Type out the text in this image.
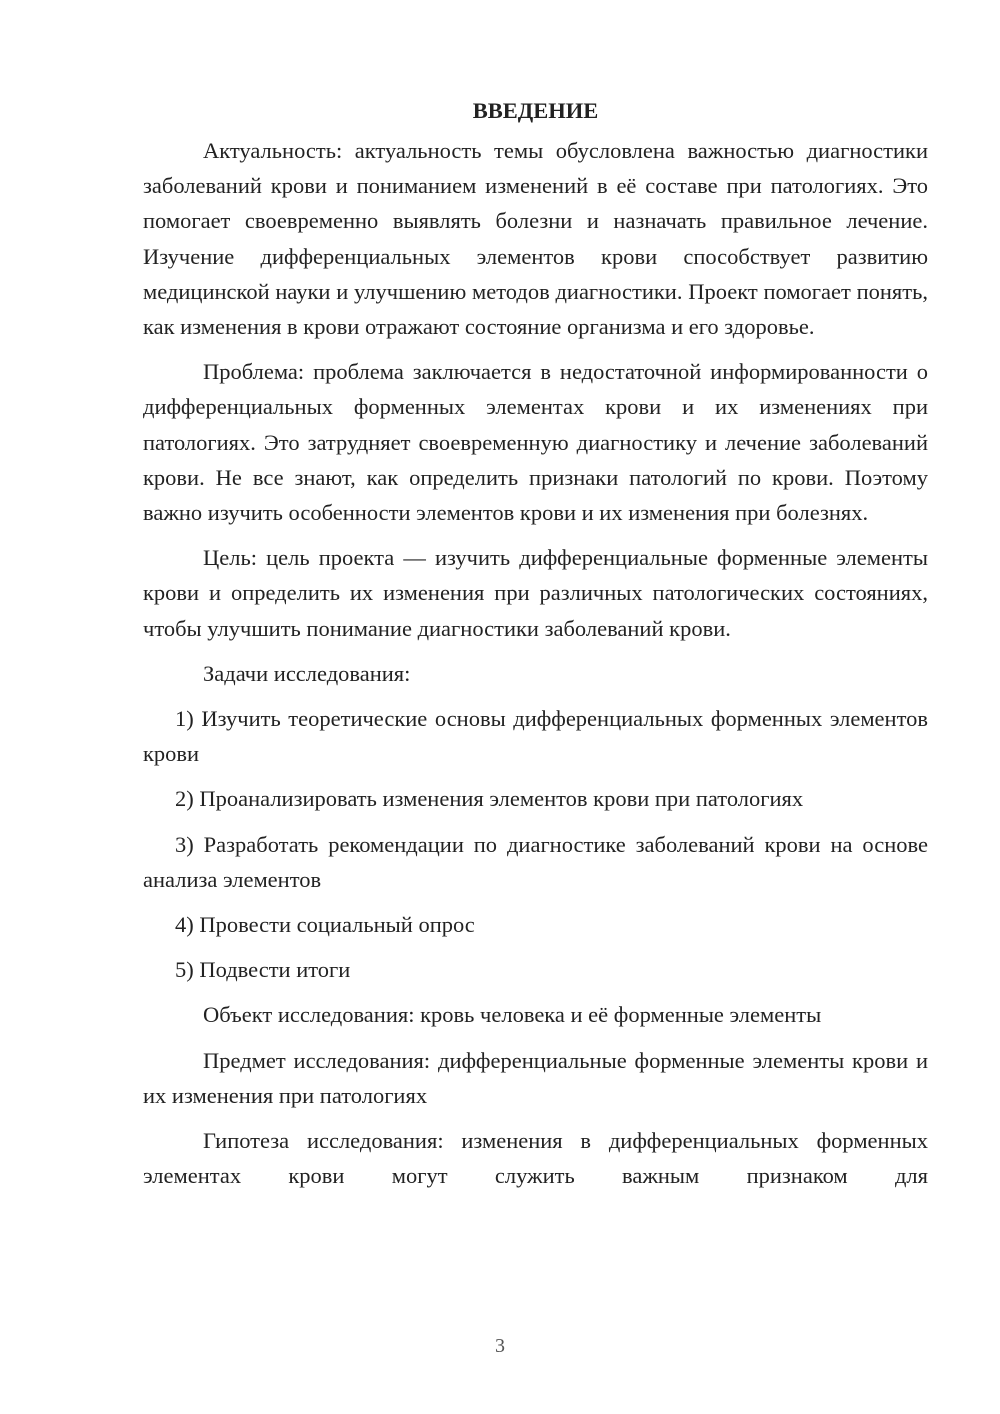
ВВЕДЕНИЕ

Актуальность: актуальность темы обусловлена важностью диагностики заболеваний крови и пониманием изменений в её составе при патологиях. Это помогает своевременно выявлять болезни и назначать правильное лечение. Изучение дифференциальных элементов крови способствует развитию медицинской науки и улучшению методов диагностики. Проект помогает понять, как изменения в крови отражают состояние организма и его здоровье.

Проблема: проблема заключается в недостаточной информированности о дифференциальных форменных элементах крови и их изменениях при патологиях. Это затрудняет своевременную диагностику и лечение заболеваний крови. Не все знают, как определить признаки патологий по крови. Поэтому важно изучить особенности элементов крови и их изменения при болезнях.

Цель: цель проекта — изучить дифференциальные форменные элементы крови и определить их изменения при различных патологических состояниях, чтобы улучшить понимание диагностики заболеваний крови.

Задачи исследования:

1) Изучить теоретические основы дифференциальных форменных элементов крови

2) Проанализировать изменения элементов крови при патологиях

3) Разработать рекомендации по диагностике заболеваний крови на основе анализа элементов

4) Провести социальный опрос

5) Подвести итоги

Объект исследования: кровь человека и её форменные элементы

Предмет исследования: дифференциальные форменные элементы крови и их изменения при патологиях

Гипотеза исследования: изменения в дифференциальных форменных элементах крови могут служить важным признаком для

3
